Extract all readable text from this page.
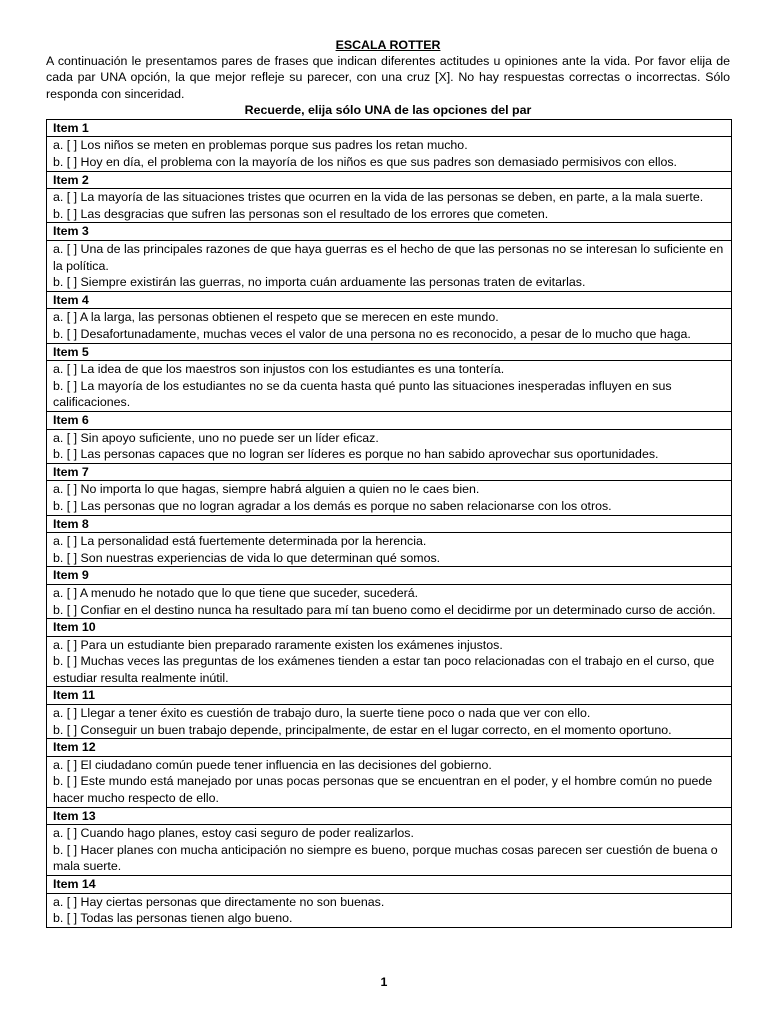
ESCALA ROTTER

A continuación le presentamos pares de frases que indican diferentes actitudes u opiniones ante la vida. Por favor elija de cada par UNA opción, la que mejor refleje su parecer, con una cruz [X]. No hay respuestas correctas o incorrectas. Sólo responda con sinceridad.

Recuerde, elija sólo UNA de las opciones del par

Item 1

a. [ ] Los niños se meten en problemas porque sus padres los retan mucho.
b. [ ] Hoy en día, el problema con la mayoría de los niños es que sus padres son demasiado permisivos con ellos.

Item 2

a. [ ] La mayoría de las situaciones tristes que ocurren en la vida de las personas se deben, en parte, a la mala suerte.
b. [ ] Las desgracias que sufren las personas son el resultado de los errores que cometen.

Item 3

a. [ ] Una de las principales razones de que haya guerras es el hecho de que las personas no se interesan lo suficiente en la política.
b. [ ] Siempre existirán las guerras, no importa cuán arduamente las personas traten de evitarlas.

Item 4

a. [ ] A la larga, las personas obtienen el respeto que se merecen en este mundo.
b. [ ] Desafortunadamente, muchas veces el valor de una persona no es reconocido, a pesar de lo mucho que haga.

Item 5

a. [ ] La idea de que los maestros son injustos con los estudiantes es una tontería.
b. [ ] La mayoría de los estudiantes no se da cuenta hasta qué punto las situaciones inesperadas influyen en sus calificaciones.

Item 6

a. [ ] Sin apoyo suficiente, uno no puede ser un líder eficaz.
b. [ ] Las personas capaces que no logran ser líderes es porque no han sabido aprovechar sus oportunidades.

Item 7

a. [ ] No importa lo que hagas, siempre habrá alguien a quien no le caes bien.
b. [ ] Las personas que no logran agradar a los demás es porque no saben relacionarse con los otros.

Item 8

a. [ ] La personalidad está fuertemente determinada por la herencia.
b. [ ] Son nuestras experiencias de vida lo que determinan qué somos.

Item 9

a. [ ] A menudo he notado que lo que tiene que suceder, sucederá.
b. [ ] Confiar en el destino nunca ha resultado para mí tan bueno como el decidirme por un determinado curso de acción.

Item 10

a. [ ] Para un estudiante bien preparado raramente existen los exámenes injustos.
b. [ ] Muchas veces las preguntas de los exámenes tienden a estar tan poco relacionadas con el trabajo en el curso, que estudiar resulta realmente inútil.

Item 11

a. [ ] Llegar a tener éxito es cuestión de trabajo duro, la suerte tiene poco o nada que ver con ello.
b. [ ] Conseguir un buen trabajo depende, principalmente, de estar en el lugar correcto, en el momento oportuno.

Item 12

a. [ ] El ciudadano común puede tener influencia en las decisiones del gobierno.
b. [ ] Este mundo está manejado por unas pocas personas que se encuentran en el poder, y el hombre común no puede hacer mucho respecto de ello.

Item 13

a. [ ] Cuando hago planes, estoy casi seguro de poder realizarlos.
b. [ ] Hacer planes con mucha anticipación no siempre es bueno, porque muchas cosas parecen ser cuestión de buena o mala suerte.

Item 14

a. [ ] Hay ciertas personas que directamente no son buenas.
b. [ ] Todas las personas tienen algo bueno.
1
